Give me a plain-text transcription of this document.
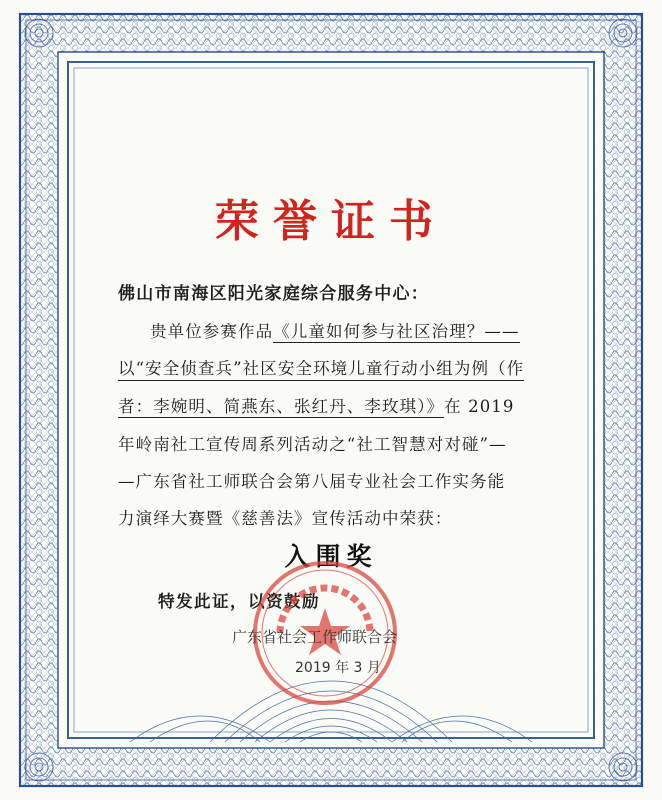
荣誉证书
佛山市南海区阳光家庭综合服务中心：
贵单位参赛作品《儿童如何参与社区治理？——
以“安全侦查兵”社区安全环境儿童行动小组为例（作
者：李婉明、简燕东、张红丹、李玫琪）》在 2019
年岭南社工宣传周系列活动之“社工智慧对对碰”—
—广东省社工师联合会第八届专业社会工作实务能
力演绎大赛暨《慈善法》宣传活动中荣获：
入围奖
特发此证，以资鼓励
广东省社会工作师联合会
2019 年 3 月
